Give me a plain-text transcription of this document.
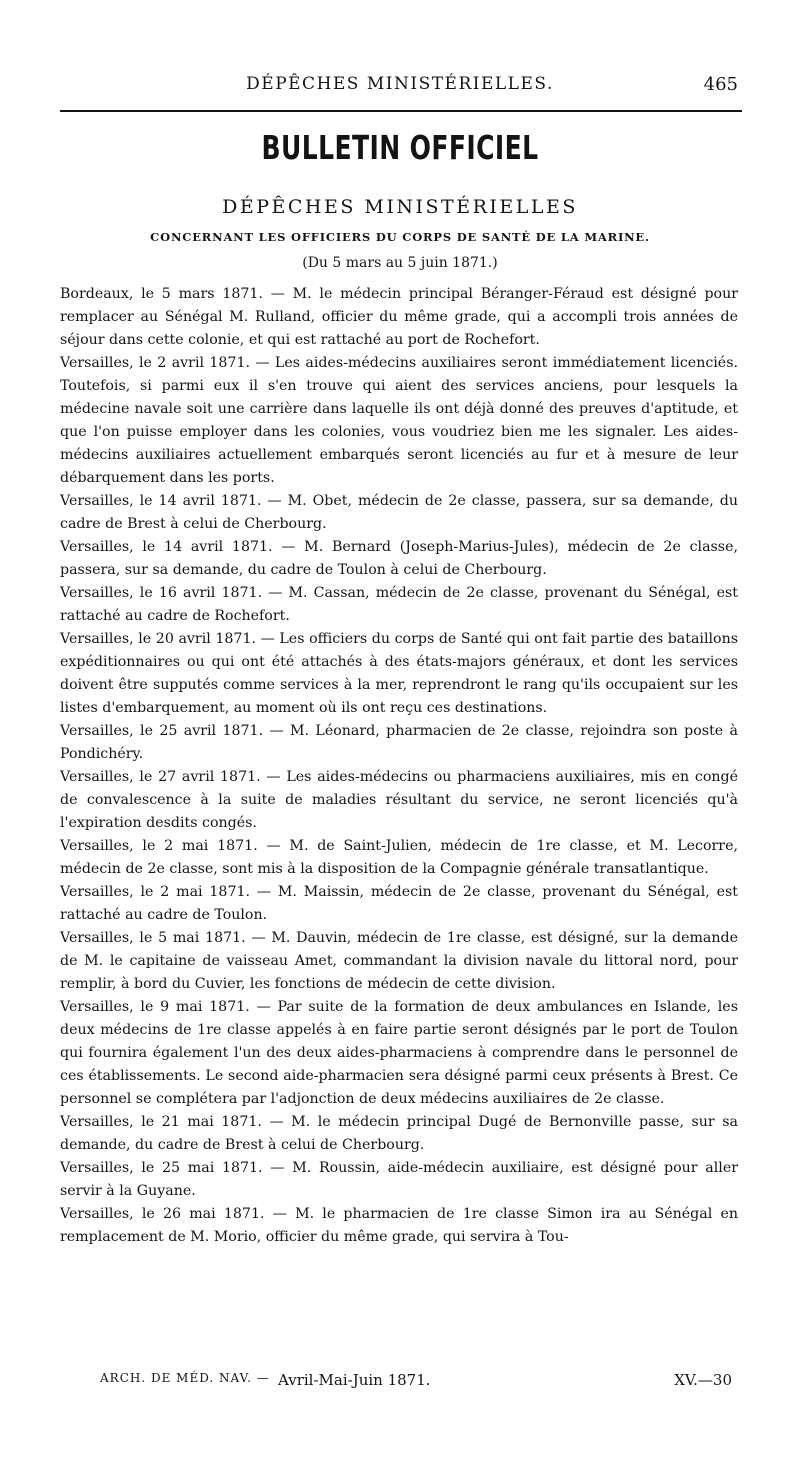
DÉPÊCHES MINISTÉRIELLES.	465
BULLETIN OFFICIEL
DÉPÊCHES MINISTÉRIELLES
CONCERNANT LES OFFICIERS DU CORPS DE SANTÉ DE LA MARINE.
(Du 5 mars au 5 juin 1871.)

Bordeaux, le 5 mars 1871. — M. le médecin principal Béranger-Féraud est désigné pour remplacer au Sénégal M. Rulland, officier du même grade, qui a accompli trois années de séjour dans cette colonie, et qui est rattaché au port de Rochefort.

Versailles, le 2 avril 1871. — Les aides-médecins auxiliaires seront immédiatement licenciés. Toutefois, si parmi eux il s'en trouve qui aient des services anciens, pour lesquels la médecine navale soit une carrière dans laquelle ils ont déjà donné des preuves d'aptitude, et que l'on puisse employer dans les colonies, vous voudriez bien me les signaler. Les aides-médecins auxiliaires actuellement embarqués seront licenciés au fur et à mesure de leur débarquement dans les ports.

Versailles, le 14 avril 1871. — M. Obet, médecin de 2e classe, passera, sur sa demande, du cadre de Brest à celui de Cherbourg.

Versailles, le 14 avril 1871. — M. Bernard (Joseph-Marius-Jules), médecin de 2e classe, passera, sur sa demande, du cadre de Toulon à celui de Cherbourg.

Versailles, le 16 avril 1871. — M. Cassan, médecin de 2e classe, provenant du Sénégal, est rattaché au cadre de Rochefort.

Versailles, le 20 avril 1871. — Les officiers du corps de Santé qui ont fait partie des bataillons expéditionnaires ou qui ont été attachés à des états-majors généraux, et dont les services doivent être supputés comme services à la mer, reprendront le rang qu'ils occupaient sur les listes d'embarquement, au moment où ils ont reçu ces destinations.

Versailles, le 25 avril 1871. — M. Léonard, pharmacien de 2e classe, rejoindra son poste à Pondichéry.

Versailles, le 27 avril 1871. — Les aides-médecins ou pharmaciens auxiliaires, mis en congé de convalescence à la suite de maladies résultant du service, ne seront licenciés qu'à l'expiration desdits congés.

Versailles, le 2 mai 1871. — M. de Saint-Julien, médecin de 1re classe, et M. Lecorre, médecin de 2e classe, sont mis à la disposition de la Compagnie générale transatlantique.

Versailles, le 2 mai 1871. — M. Maissin, médecin de 2e classe, provenant du Sénégal, est rattaché au cadre de Toulon.

Versailles, le 5 mai 1871. — M. Dauvin, médecin de 1re classe, est désigné, sur la demande de M. le capitaine de vaisseau Amet, commandant la division navale du littoral nord, pour remplir, à bord du Cuvier, les fonctions de médecin de cette division.

Versailles, le 9 mai 1871. — Par suite de la formation de deux ambulances en Islande, les deux médecins de 1re classe appelés à en faire partie seront désignés par le port de Toulon qui fournira également l'un des deux aides-pharmaciens à comprendre dans le personnel de ces établissements. Le second aide-pharmacien sera désigné parmi ceux présents à Brest. Ce personnel se complétera par l'adjonction de deux médecins auxiliaires de 2e classe.

Versailles, le 21 mai 1871. — M. le médecin principal Dugé de Bernonville passe, sur sa demande, du cadre de Brest à celui de Cherbourg.

Versailles, le 25 mai 1871. — M. Roussin, aide-médecin auxiliaire, est désigné pour aller servir à la Guyane.

Versailles, le 26 mai 1871. — M. le pharmacien de 1re classe Simon ira au Sénégal en remplacement de M. Morio, officier du même grade, qui servira à Tou-

ARCH. DE MÉD. NAV. — Avril-Mai-Juin 1871.	XV.—30
